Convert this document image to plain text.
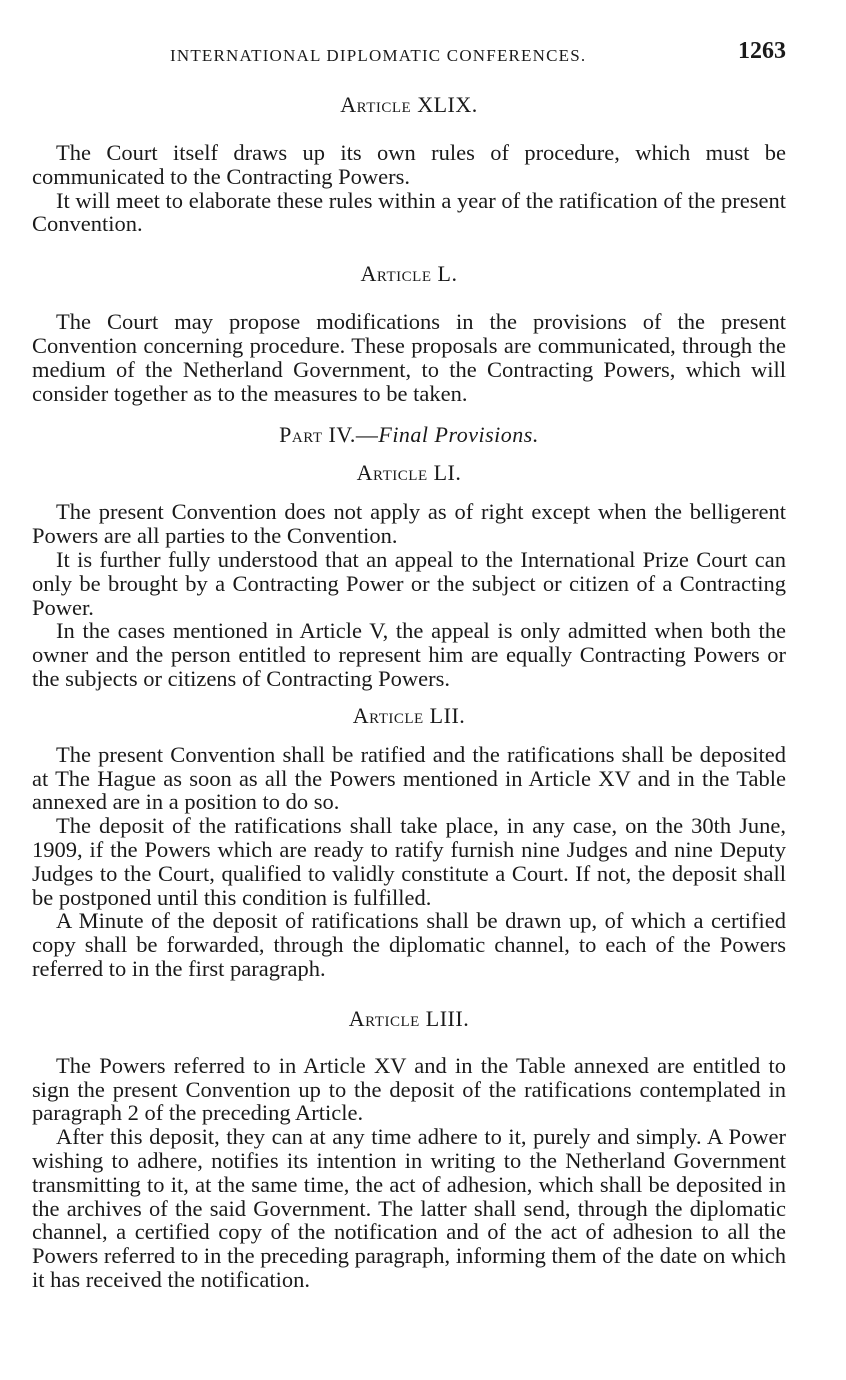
INTERNATIONAL DIPLOMATIC CONFERENCES.	1263
Article XLIX.

The Court itself draws up its own rules of procedure, which must be communicated to the Contracting Powers.

It will meet to elaborate these rules within a year of the ratification of the present Convention.

Article L.

The Court may propose modifications in the provisions of the present Convention concerning procedure. These proposals are communicated, through the medium of the Netherland Government, to the Contracting Powers, which will consider together as to the measures to be taken.

Part IV.—Final Provisions.
Article LI.

The present Convention does not apply as of right except when the belligerent Powers are all parties to the Convention.

It is further fully understood that an appeal to the International Prize Court can only be brought by a Contracting Power or the subject or citizen of a Contracting Power.

In the cases mentioned in Article V, the appeal is only admitted when both the owner and the person entitled to represent him are equally Contracting Powers or the subjects or citizens of Contracting Powers.

Article LII.

The present Convention shall be ratified and the ratifications shall be deposited at The Hague as soon as all the Powers mentioned in Article XV and in the Table annexed are in a position to do so.

The deposit of the ratifications shall take place, in any case, on the 30th June, 1909, if the Powers which are ready to ratify furnish nine Judges and nine Deputy Judges to the Court, qualified to validly constitute a Court. If not, the deposit shall be postponed until this condition is fulfilled.

A Minute of the deposit of ratifications shall be drawn up, of which a certified copy shall be forwarded, through the diplomatic channel, to each of the Powers referred to in the first paragraph.

Article LIII.

The Powers referred to in Article XV and in the Table annexed are entitled to sign the present Convention up to the deposit of the ratifications contemplated in paragraph 2 of the preceding Article.

After this deposit, they can at any time adhere to it, purely and simply. A Power wishing to adhere, notifies its intention in writing to the Netherland Government transmitting to it, at the same time, the act of adhesion, which shall be deposited in the archives of the said Government. The latter shall send, through the diplomatic channel, a certified copy of the notification and of the act of adhesion to all the Powers referred to in the preceding paragraph, informing them of the date on which it has received the notification.
